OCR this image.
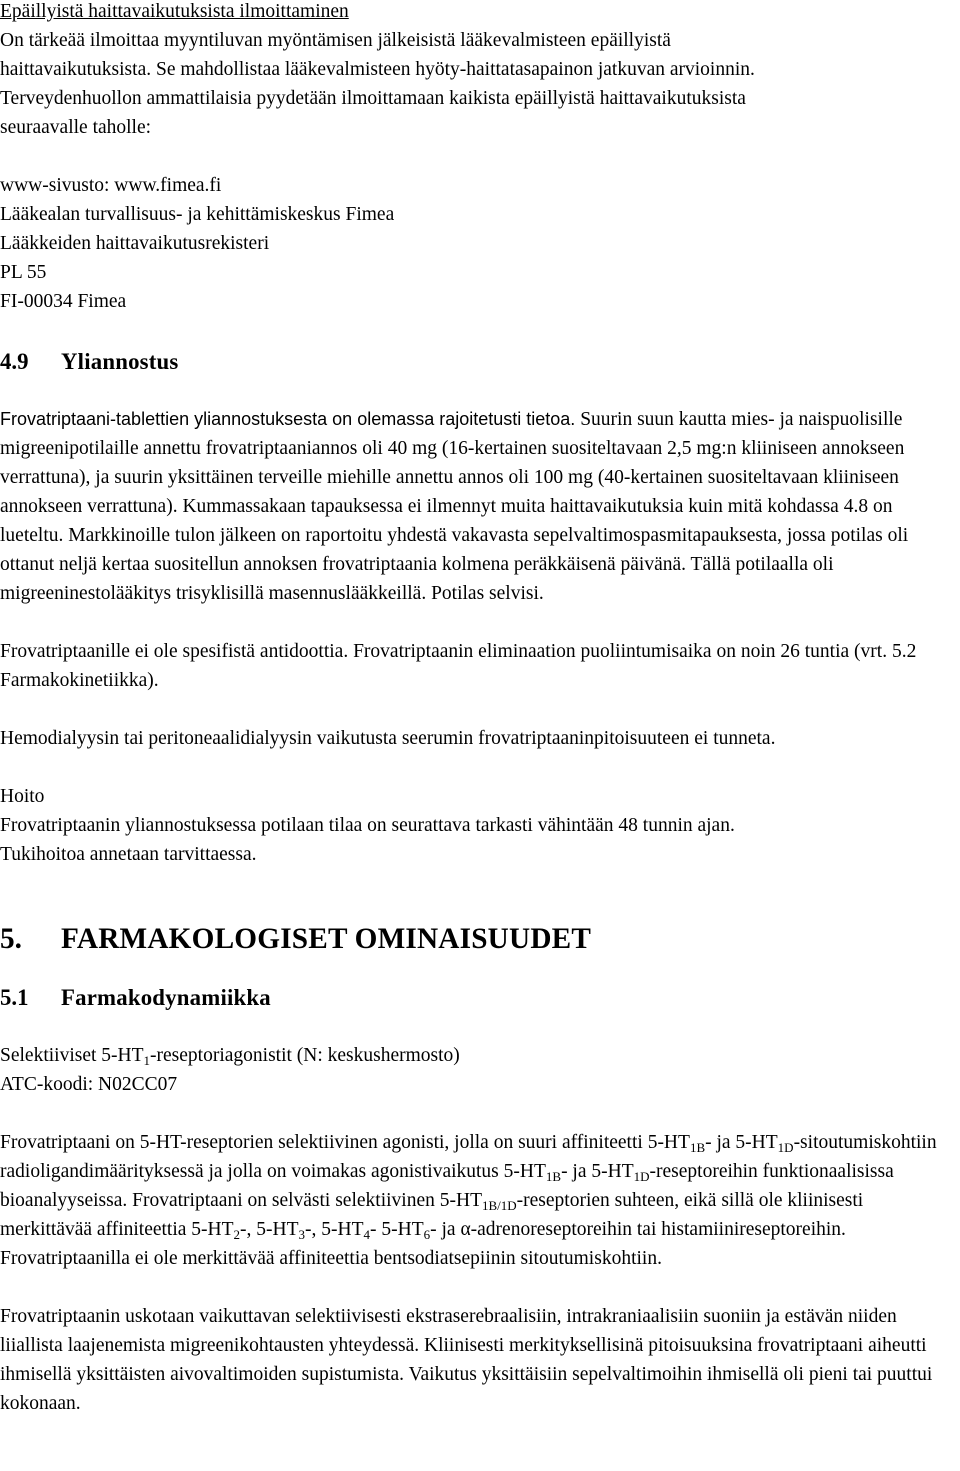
Epäillyistä haittavaikutuksista ilmoittaminen

On tärkeää ilmoittaa myyntiluvan myöntämisen jälkeisistä lääkevalmisteen epäillyistä

haittavaikutuksista. Se mahdollistaa lääkevalmisteen hyöty-haittatasapainon jatkuvan arvioinnin.

Terveydenhuollon ammattilaisia pyydetään ilmoittamaan kaikista epäillyistä haittavaikutuksista

seuraavalle taholle:

www-sivusto: www.fimea.fi

Lääkealan turvallisuus- ja kehittämiskeskus Fimea

Lääkkeiden haittavaikutusrekisteri

PL 55

FI-00034 Fimea

4.9	Yliannostus

Frovatriptaani-tablettien yliannostuksesta on olemassa rajoitetusti tietoa. Suurin suun kautta mies- ja naispuolisille migreenipotilaille annettu frovatriptaaniannos oli 40 mg (16-kertainen suositeltavaan 2,5 mg:n kliiniseen annokseen verrattuna), ja suurin yksittäinen terveille miehille annettu annos oli 100 mg (40-kertainen suositeltavaan kliiniseen annokseen verrattuna). Kummassakaan tapauksessa ei ilmennyt muita haittavaikutuksia kuin mitä kohdassa 4.8 on lueteltu. Markkinoille tulon jälkeen on raportoitu yhdestä vakavasta sepelvaltimospasmitapauksesta, jossa potilas oli ottanut neljä kertaa suositellun annoksen frovatriptaania kolmena peräkkäisenä päivänä. Tällä potilaalla oli migreeninestolääkitys trisyklisillä masennuslääkkeillä. Potilas selvisi.

Frovatriptaanille ei ole spesifistä antidoottia. Frovatriptaanin eliminaation puoliintumisaika on noin 26 tuntia (vrt. 5.2 Farmakokinetiikka).

Hemodialyysin tai peritoneaalidialyysin vaikutusta seerumin frovatriptaaninpitoisuuteen ei tunneta.

Hoito

Frovatriptaanin yliannostuksessa potilaan tilaa on seurattava tarkasti vähintään 48 tunnin ajan.

Tukihoitoa annetaan tarvittaessa.

5.	FARMAKOLOGISET OMINAISUUDET
5.1	Farmakodynamiikka

Selektiiviset $5-HT_1$-reseptoriagonistit (N: keskushermosto)

ATC-koodi: N02CC07

Frovatriptaani on 5-HT-reseptorien selektiivinen agonisti, jolla on suuri affiniteetti $5-HT_{1B}-$ ja $5-HT_{1D}$-sitoutumiskohtiin radioligandimäärityksessä ja jolla on voimakas agonistivaikutus $5-HT_{1B}-$ ja $5-HT_{1D}$-reseptoreihin funktionaalisissa bioanalyyseissa. Frovatriptaani on selvästi selektiivinen $5-HT_{1B/1D}$-reseptorien suhteen, eikä sillä ole kliinisesti merkittävää affiniteettia $5-HT_2-$, $5-HT_3-$, $5-HT_4-$ $5-HT_6-$ ja α-adrenoreseptoreihin tai histamiinireseptoreihin. Frovatriptaanilla ei ole merkittävää affiniteettia bentsodiatsepiinin sitoutumiskohtiin.

Frovatriptaanin uskotaan vaikuttavan selektiivisesti ekstraserebraalisiin, intrakraniaalisiin suoniin ja estävän niiden liiallista laajenemista migreenikohtausten yhteydessä. Kliinisesti merkityksellisinä pitoisuuksina frovatriptaani aiheutti ihmisellä yksittäisten aivovaltimoiden supistumista. Vaikutus yksittäisiin sepelvaltimoihin ihmisellä oli pieni tai puuttui kokonaan.
